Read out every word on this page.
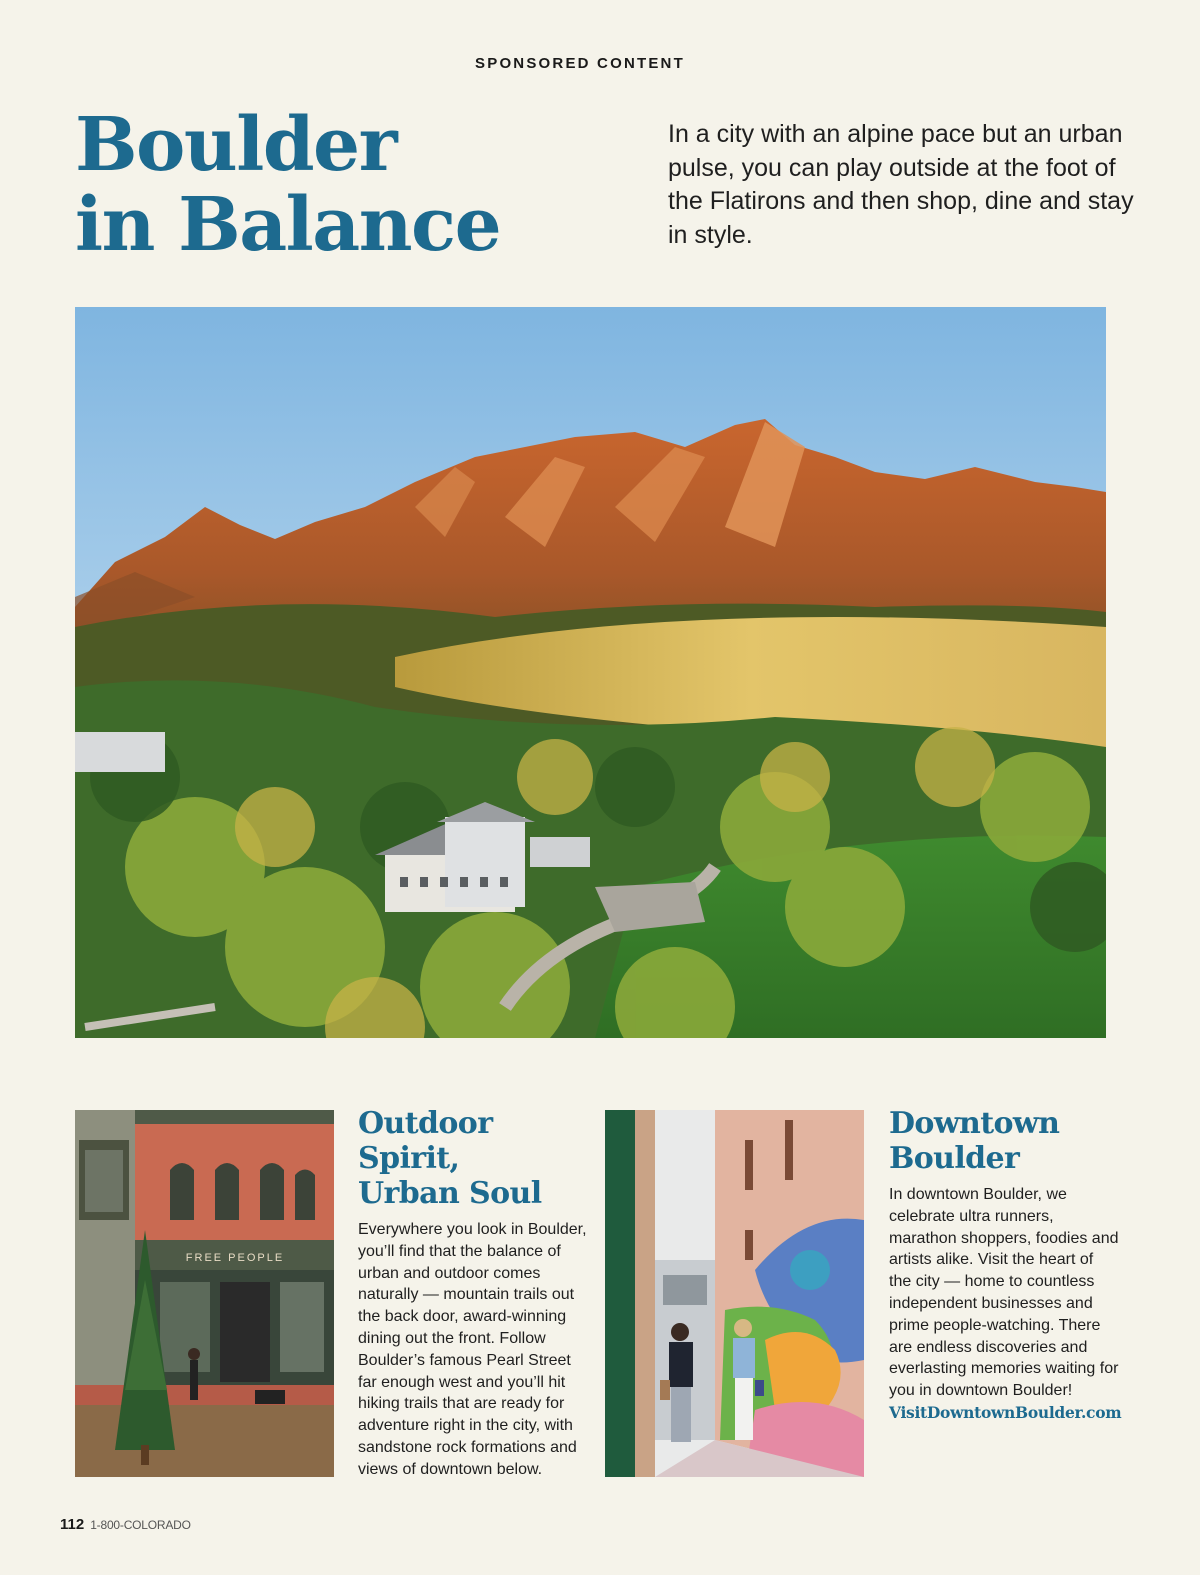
SPONSORED CONTENT
Boulder
in Balance

In a city with an alpine pace but an urban pulse, you can play outside at the foot of the Flatirons and then shop, dine and stay in style.

FREE PEOPLE
Outdoor Spirit,
Urban Soul

Everywhere you look in Boulder, you’ll find that the balance of urban and outdoor comes naturally — mountain trails out the back door, award-winning dining out the front. Follow Boulder’s famous Pearl Street far enough west and you’ll hit hiking trails that are ready for adventure right in the city, with sandstone rock formations and views of downtown below.

Downtown
Boulder

In downtown Boulder, we celebrate ultra runners, marathon shoppers, foodies and artists alike. Visit the heart of the city — home to countless independent businesses and prime people-watching. There are endless discoveries and everlasting memories waiting for you in downtown Boulder!

VisitDowntownBoulder.com
112 1-800-COLORADO
